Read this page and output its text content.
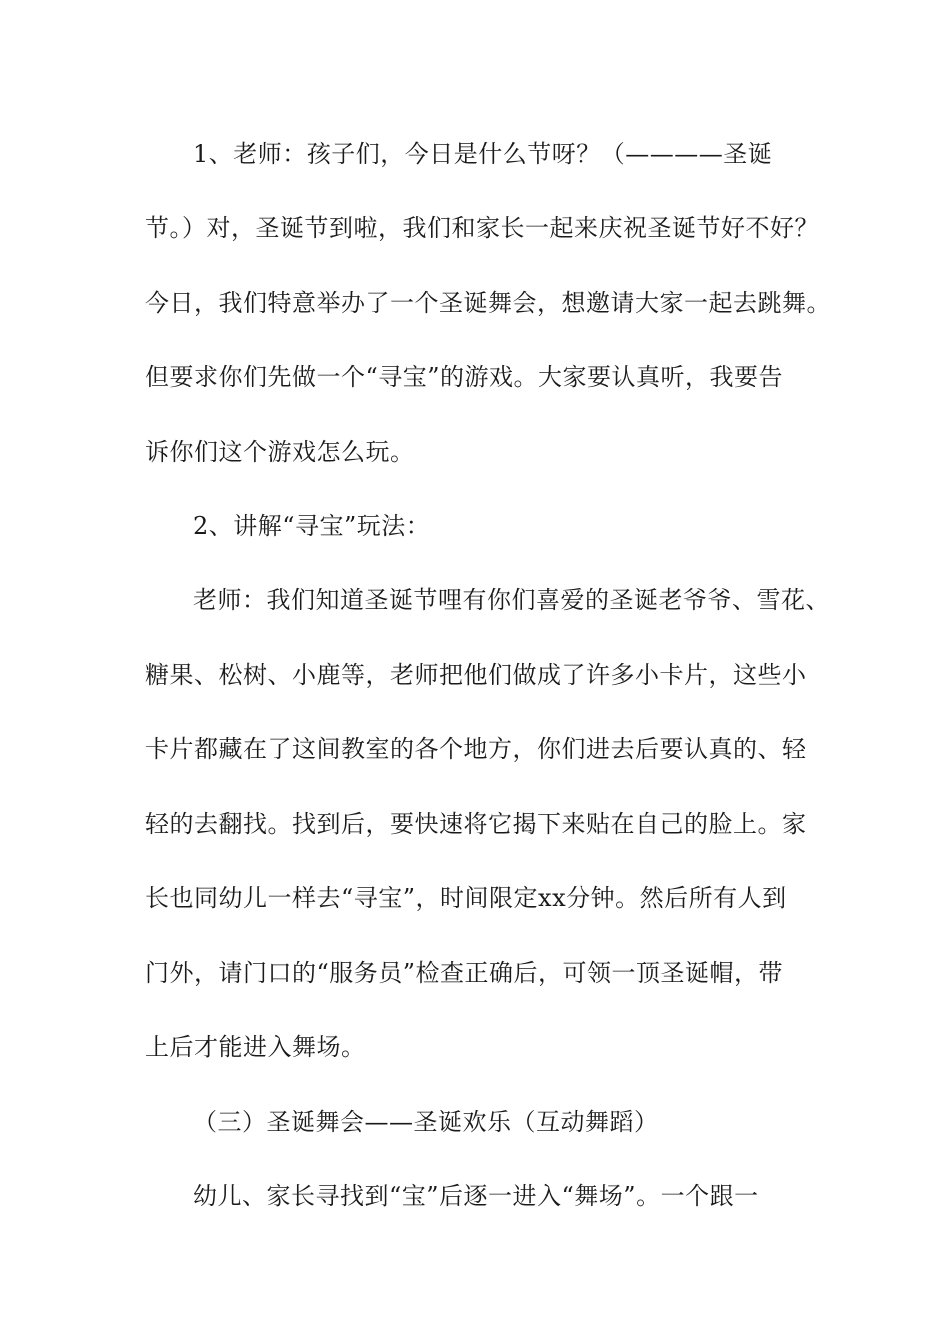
1、老师：孩子们，今日是什么节呀？（————圣诞
节。）对，圣诞节到啦，我们和家长一起来庆祝圣诞节好不好？
今日，我们特意举办了一个圣诞舞会，想邀请大家一起去跳舞。
但要求你们先做一个“寻宝”的游戏。大家要认真听，我要告
诉你们这个游戏怎么玩。
2、讲解“寻宝”玩法：
老师：我们知道圣诞节哩有你们喜爱的圣诞老爷爷、雪花、
糖果、松树、小鹿等，老师把他们做成了许多小卡片，这些小
卡片都藏在了这间教室的各个地方，你们进去后要认真的、轻
轻的去翻找。找到后，要快速将它揭下来贴在自己的脸上。家
长也同幼儿一样去“寻宝”，时间限定xx分钟。然后所有人到
门外，请门口的“服务员”检查正确后，可领一顶圣诞帽，带
上后才能进入舞场。
（三）圣诞舞会——圣诞欢乐（互动舞蹈）
幼儿、家长寻找到“宝”后逐一进入“舞场”。一个跟一
